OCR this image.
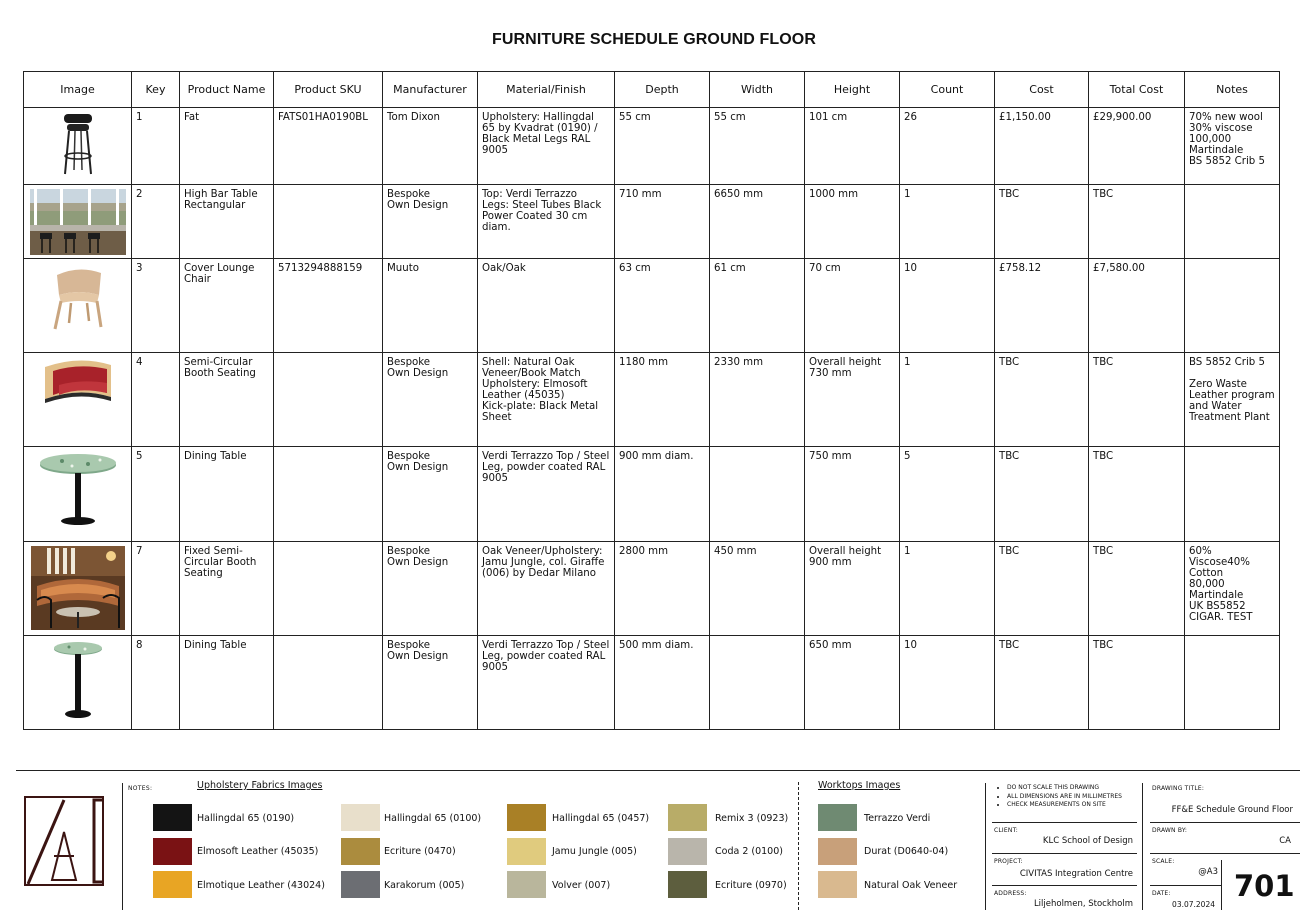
FURNITURE SCHEDULE GROUND FLOOR
Image	Key	Product Name	Product SKU	Manufacturer	Material/Finish	Depth	Width	Height	Count	Cost	Total Cost	Notes

	1	Fat	FATS01HA0190BL	Tom Dixon	Upholstery: Hallingdal 65 by Kvadrat (0190) / Black Metal Legs RAL 9005	55 cm	55 cm	101 cm	26	£1,150.00	£29,900.00	70% new wool
30% viscose
100,000
Martindale
BS 5852 Crib 5

	2	High Bar Table Rectangular		Bespoke
Own Design	Top: Verdi Terrazzo
Legs: Steel Tubes Black Power Coated 30 cm diam.	710 mm	6650 mm	1000 mm	1	TBC	TBC	

	3	Cover Lounge Chair	5713294888159	Muuto	Oak/Oak	63 cm	61 cm	70 cm	10	£758.12	£7,580.00	

	4	Semi-Circular Booth Seating		Bespoke
Own Design	Shell: Natural Oak Veneer/Book Match
Upholstery: Elmosoft Leather (45035)
Kick-plate: Black Metal Sheet	1180 mm	2330 mm	Overall height 730 mm	1	TBC	TBC	BS 5852 Crib 5

Zero Waste Leather program and Water Treatment Plant

	5	Dining Table		Bespoke
Own Design	Verdi Terrazzo Top / Steel Leg, powder coated RAL 9005	900 mm diam.		750 mm	5	TBC	TBC	

	7	Fixed Semi-Circular Booth Seating		Bespoke
Own Design	Oak Veneer/Upholstery: Jamu Jungle, col. Giraffe (006) by Dedar Milano	2800 mm	450 mm	Overall height 900 mm	1	TBC	TBC	60% Viscose40% Cotton
80,000
Martindale
UK BS5852
CIGAR. TEST

	8	Dining Table		Bespoke
Own Design	Verdi Terrazzo Top / Steel Leg, powder coated RAL 9005	500 mm diam.		650 mm	10	TBC	TBC	
NOTES:	Upholstery Fabrics Images
Hallingdal 65 (0190)
Elmosoft Leather (45035)
Elmotique Leather (43024)
Hallingdal 65 (0100)
Ecriture (0470)
Karakorum (005)
Hallingdal 65 (0457)
Jamu Jungle (005)
Volver (007)
Remix 3 (0923)
Coda 2 (0100)
Ecriture (0970)
Worktops Images
Terrazzo Verdi
Durat (D0640-04)
Natural Oak Veneer
• DO NOT SCALE THIS DRAWING
• ALL DIMENSIONS ARE IN MILLIMETRES
• CHECK MEASUREMENTS ON SITE
CLIENT:
KLC School of Design
PROJECT:
CIVITAS Integration Centre
ADDRESS:
Liljeholmen, Stockholm
DRAWING TITLE:
FF&E Schedule Ground Floor
DRAWN BY:
CA
SCALE:
@A3
DATE:
03.07.2024
701
